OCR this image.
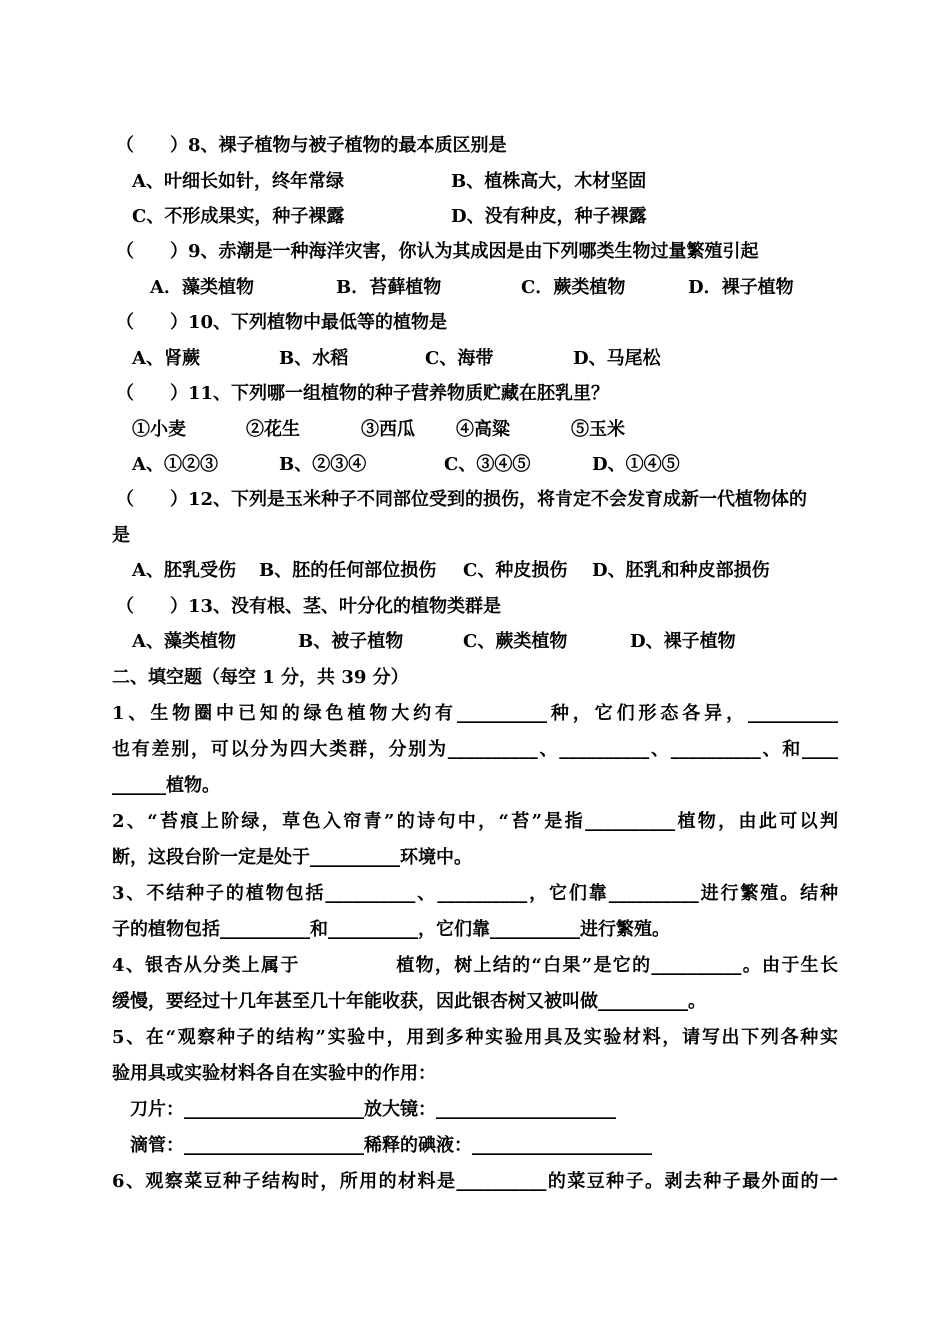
（　　）8、裸子植物与被子植物的最本质区别是
A、叶细长如针，终年常绿	B、植株高大，木材坚固
C、不形成果实，种子裸露	D、没有种皮，种子裸露
（　　）9、赤潮是一种海洋灾害，你认为其成因是由下列哪类生物过量繁殖引起
A．藻类植物	B．苔藓植物	C．蕨类植物	D．裸子植物
（　　）10、下列植物中最低等的植物是
A、肾蕨	B、水稻	C、海带	D、马尾松
（　　）11、下列哪一组植物的种子营养物质贮藏在胚乳里？
①小麦	②花生	③西瓜 ④高粱	⑤玉米
A、①②③	B、②③④	C、③④⑤	D、①④⑤
（　　）12、下列是玉米种子不同部位受到的损伤，将肯定不会发育成新一代植物体的
是
A、胚乳受伤 B、胚的任何部位损伤 C、种皮损伤 D、胚乳和种皮部损伤
（　　）13、没有根、茎、叶分化的植物类群是
A、藻类植物	B、被子植物	C、蕨类植物	D、裸子植物
二、填空题（每空 1 分，共 39 分）
1、生物圈中已知的绿色植物大约有__________种，它们形态各异，__________
也有差别，可以分为四大类群，分别为__________、__________、__________、和____
______植物。
2、“苔痕上阶绿，草色入帘青”的诗句中，“苔”是指__________植物，由此可以判
断，这段台阶一定是处于__________环境中。
3、不结种子的植物包括__________、__________，它们靠__________进行繁殖。结种
子的植物包括__________和__________，它们靠__________进行繁殖。
4、银杏从分类上属于　　　　　植物，树上结的“白果”是它的__________。由于生长
缓慢，要经过十几年甚至几十年能收获，因此银杏树又被叫做__________。
5、在“观察种子的结构”实验中，用到多种实验用具及实验材料，请写出下列各种实
验用具或实验材料各自在实验中的作用：
　刀片：____________________放大镜：____________________
　滴管：____________________稀释的碘液：____________________
6、观察菜豆种子结构时，所用的材料是__________的菜豆种子。剥去种子最外面的一
